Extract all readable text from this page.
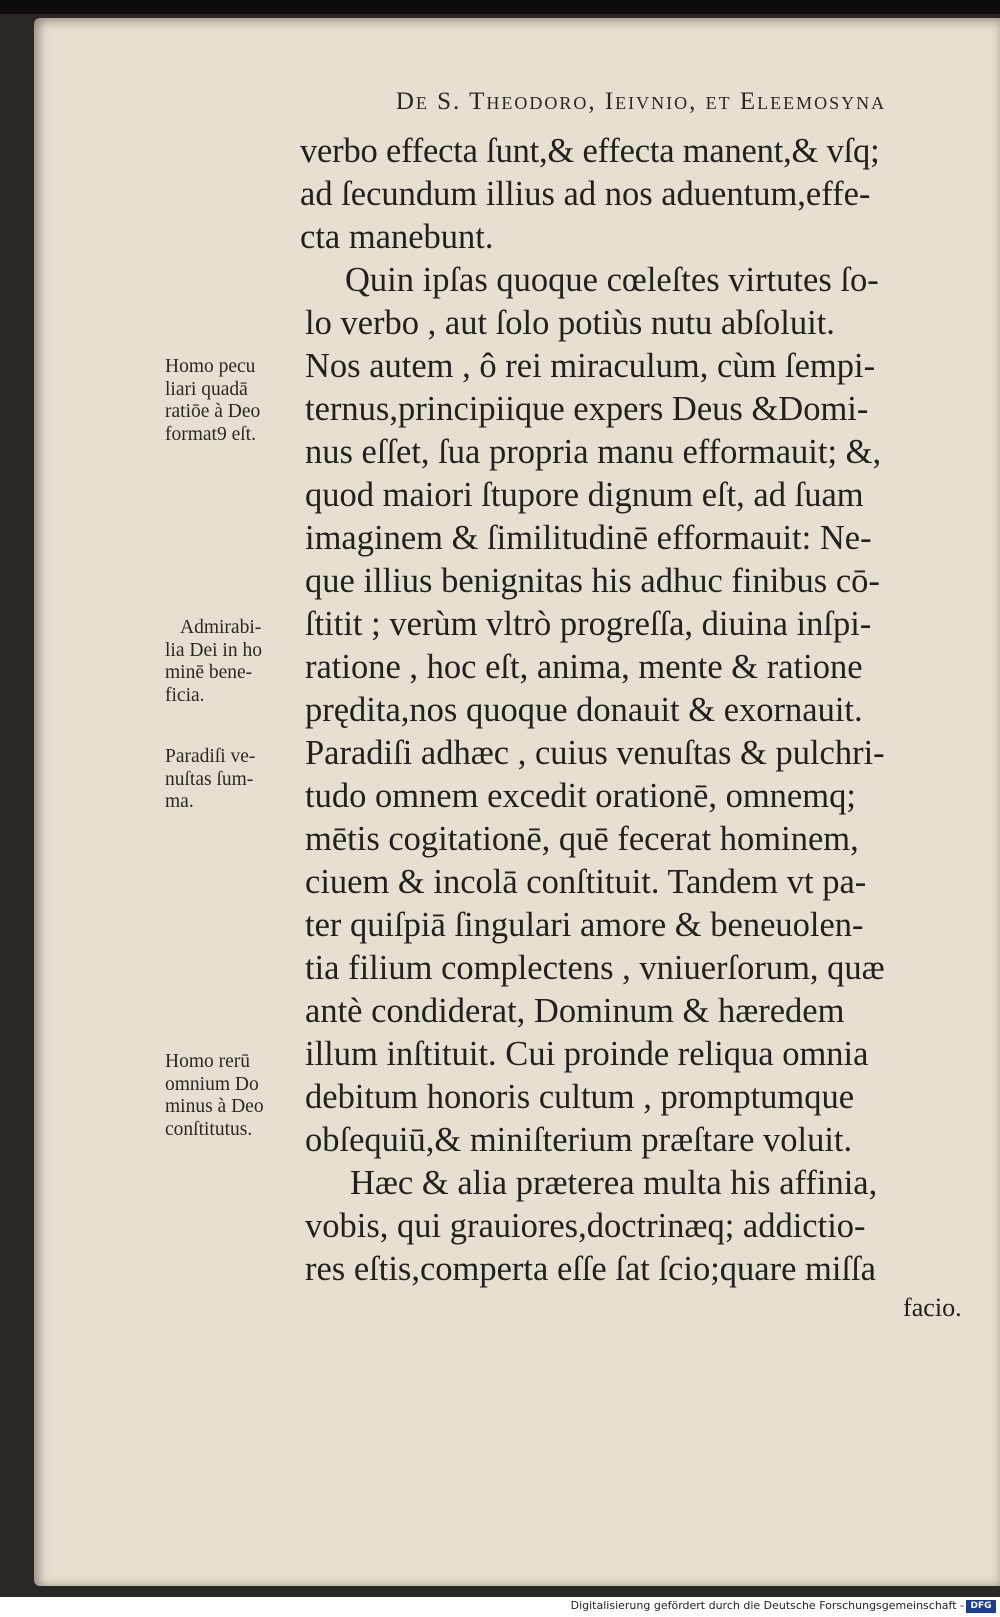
De S. Theodoro, Ieivnio, et Eleemosyna
verbo effecta ſunt,& effecta manent,& vſq;
ad ſecundum illius ad nos aduentum,effe-
cta manebunt.
Quin ipſas quoque cœleſtes virtutes ſo-
lo verbo , aut ſolo potiùs nutu abſoluit.
Nos autem , ô rei miraculum, cùm ſempi-
ternus,principiique expers Deus &Domi-
nus eſſet, ſua propria manu efformauit; &,
quod maiori ſtupore dignum eſt, ad ſuam
imaginem & ſimilitudinē efformauit: Ne-
que illius benignitas his adhuc finibus cō-
ſtitit ; verùm vltrò progreſſa, diuina inſpi-
ratione , hoc eſt, anima, mente & ratione
prędita,nos quoque donauit & exornauit.
Paradiſi adhæc , cuius venuſtas & pulchri-
tudo omnem excedit orationē, omnemq;
mētis cogitationē, quē fecerat hominem,
ciuem & incolā conſtituit. Tandem vt pa-
ter quiſpiā ſingulari amore & beneuolen-
tia filium complectens , vniuerſorum, quæ
antè condiderat, Dominum & hæredem
illum inſtituit. Cui proinde reliqua omnia
debitum honoris cultum , promptumque
obſequiū,& miniſterium præſtare voluit.
Hæc & alia præterea multa his affinia,
vobis, qui grauiores,doctrinæq; addictio-
res eſtis,comperta eſſe ſat ſcio;quare miſſa
facio.
Homo pecu
liari quadā
ratiōe à Deo
format9 eſt.
Admirabi-
lia Dei in ho
minē bene-
ficia.
Paradiſi ve-
nuſtas ſum-
ma.
Homo rerū
omnium Do
minus à Deo
conſtitutus.
Digitalisierung gefördert durch die Deutsche Forschungsgemeinschaft - DFG
